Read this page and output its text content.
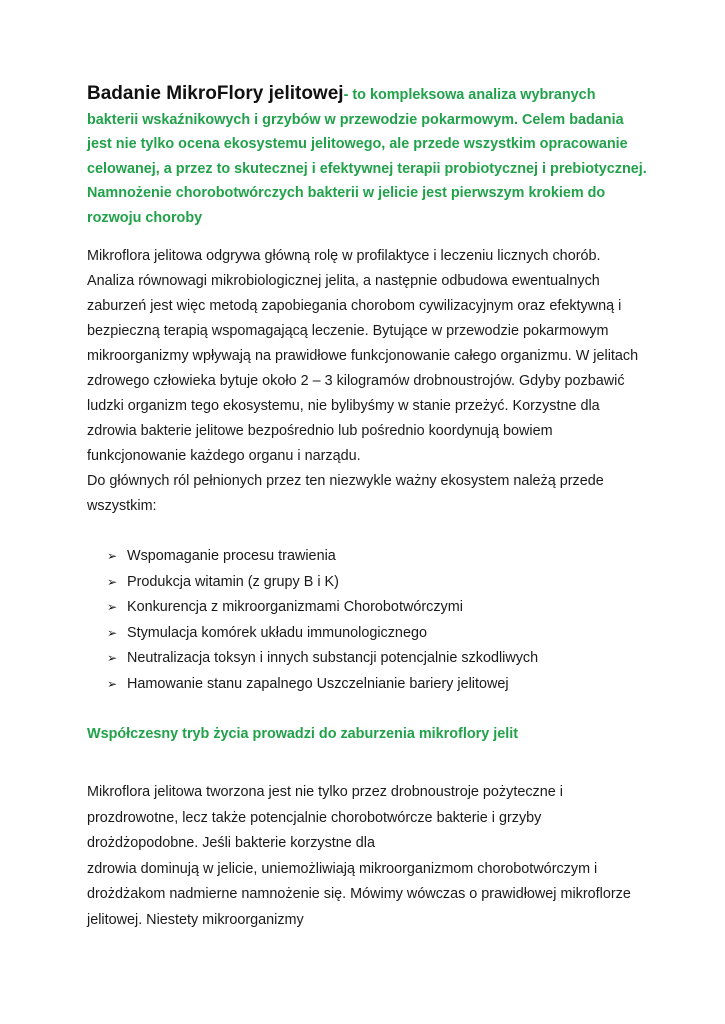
Badanie MikroFlory jelitowej- to kompleksowa analiza wybranych bakterii wskaźnikowych i grzybów w przewodzie pokarmowym. Celem badania jest nie tylko ocena ekosystemu jelitowego, ale przede wszystkim opracowanie celowanej, a przez to skutecznej i efektywnej terapii probiotycznej i prebiotycznej. Namnożenie chorobotwórczych bakterii w jelicie jest pierwszym krokiem do rozwoju choroby

Mikroflora jelitowa odgrywa główną rolę w profilaktyce i leczeniu licznych chorób. Analiza równowagi mikrobiologicznej jelita, a następnie odbudowa ewentualnych zaburzeń jest więc metodą zapobiegania chorobom cywilizacyjnym oraz efektywną i bezpieczną terapią wspomagającą leczenie. Bytujące w przewodzie pokarmowym mikroorganizmy wpływają na prawidłowe funkcjonowanie całego organizmu. W jelitach zdrowego człowieka bytuje około 2 – 3 kilogramów drobnoustrojów. Gdyby pozbawić ludzki organizm tego ekosystemu, nie bylibyśmy w stanie przeżyć. Korzystne dla zdrowia bakterie jelitowe bezpośrednio lub pośrednio koordynują bowiem funkcjonowanie każdego organu i narządu.
Do głównych ról pełnionych przez ten niezwykle ważny ekosystem należą przede wszystkim:

➢ Wspomaganie procesu trawienia
➢ Produkcja witamin (z grupy B i K)
➢ Konkurencja z mikroorganizmami Chorobotwórczymi
➢ Stymulacja komórek układu immunologicznego
➢ Neutralizacja toksyn i innych substancji potencjalnie szkodliwych
➢ Hamowanie stanu zapalnego Uszczelnianie bariery jelitowej

Współczesny tryb życia prowadzi do zaburzenia mikroflory jelit

Mikroflora jelitowa tworzona jest nie tylko przez drobnoustroje pożyteczne i
prozdrowotne, lecz także potencjalnie chorobotwórcze bakterie i grzyby
drożdżopodobne. Jeśli bakterie korzystne dla
zdrowia dominują w jelicie, uniemożliwiają mikroorganizmom chorobotwórczym i
drożdżakom nadmierne namnożenie się. Mówimy wówczas o prawidłowej mikroflorze
jelitowej. Niestety mikroorganizmy
